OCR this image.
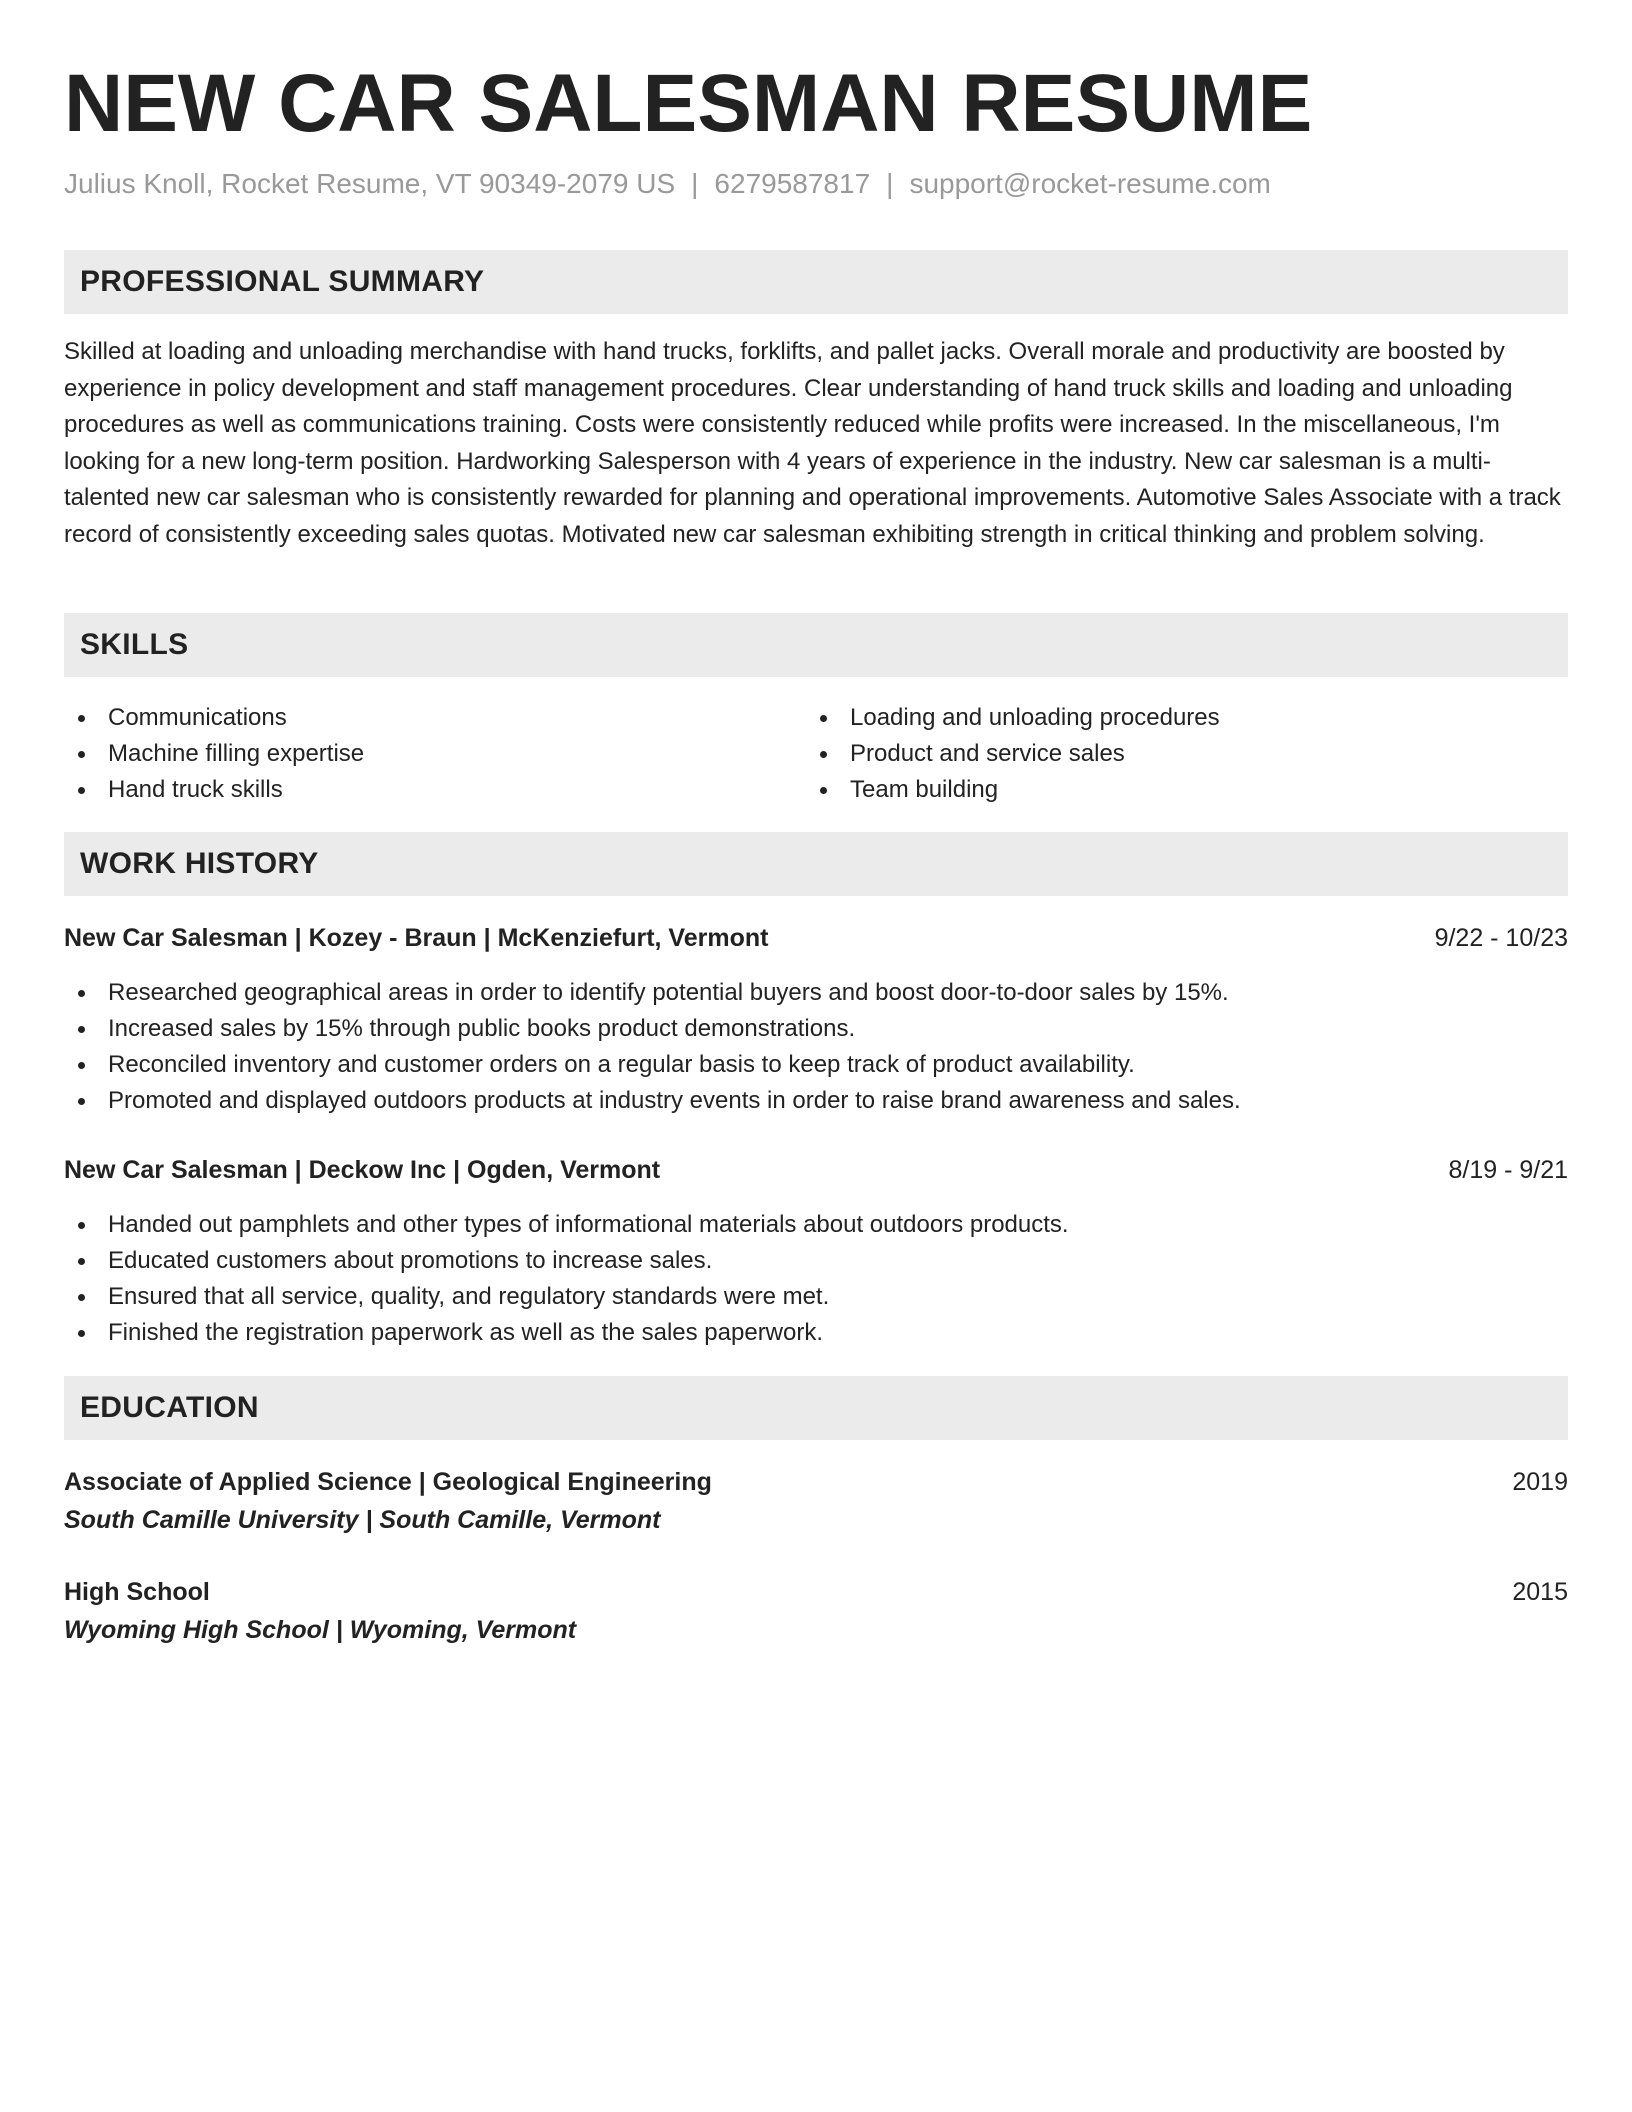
NEW CAR SALESMAN RESUME
Julius Knoll, Rocket Resume, VT 90349-2079 US | 6279587817 | support@rocket-resume.com
PROFESSIONAL SUMMARY

Skilled at loading and unloading merchandise with hand trucks, forklifts, and pallet jacks. Overall morale and productivity are boosted by experience in policy development and staff management procedures. Clear understanding of hand truck skills and loading and unloading procedures as well as communications training. Costs were consistently reduced while profits were increased. In the miscellaneous, I'm looking for a new long-term position. Hardworking Salesperson with 4 years of experience in the industry. New car salesman is a multi-talented new car salesman who is consistently rewarded for planning and operational improvements. Automotive Sales Associate with a track record of consistently exceeding sales quotas. Motivated new car salesman exhibiting strength in critical thinking and problem solving.

SKILLS
Communications
Machine filling expertise
Hand truck skills
Loading and unloading procedures
Product and service sales
Team building
WORK HISTORY
New Car Salesman | Kozey - Braun | McKenziefurt, Vermont	9/22 - 10/23
Researched geographical areas in order to identify potential buyers and boost door-to-door sales by 15%.
Increased sales by 15% through public books product demonstrations.
Reconciled inventory and customer orders on a regular basis to keep track of product availability.
Promoted and displayed outdoors products at industry events in order to raise brand awareness and sales.
New Car Salesman | Deckow Inc | Ogden, Vermont	8/19 - 9/21
Handed out pamphlets and other types of informational materials about outdoors products.
Educated customers about promotions to increase sales.
Ensured that all service, quality, and regulatory standards were met.
Finished the registration paperwork as well as the sales paperwork.
EDUCATION
Associate of Applied Science | Geological Engineering	2019
South Camille University | South Camille, Vermont
High School	2015
Wyoming High School | Wyoming, Vermont
